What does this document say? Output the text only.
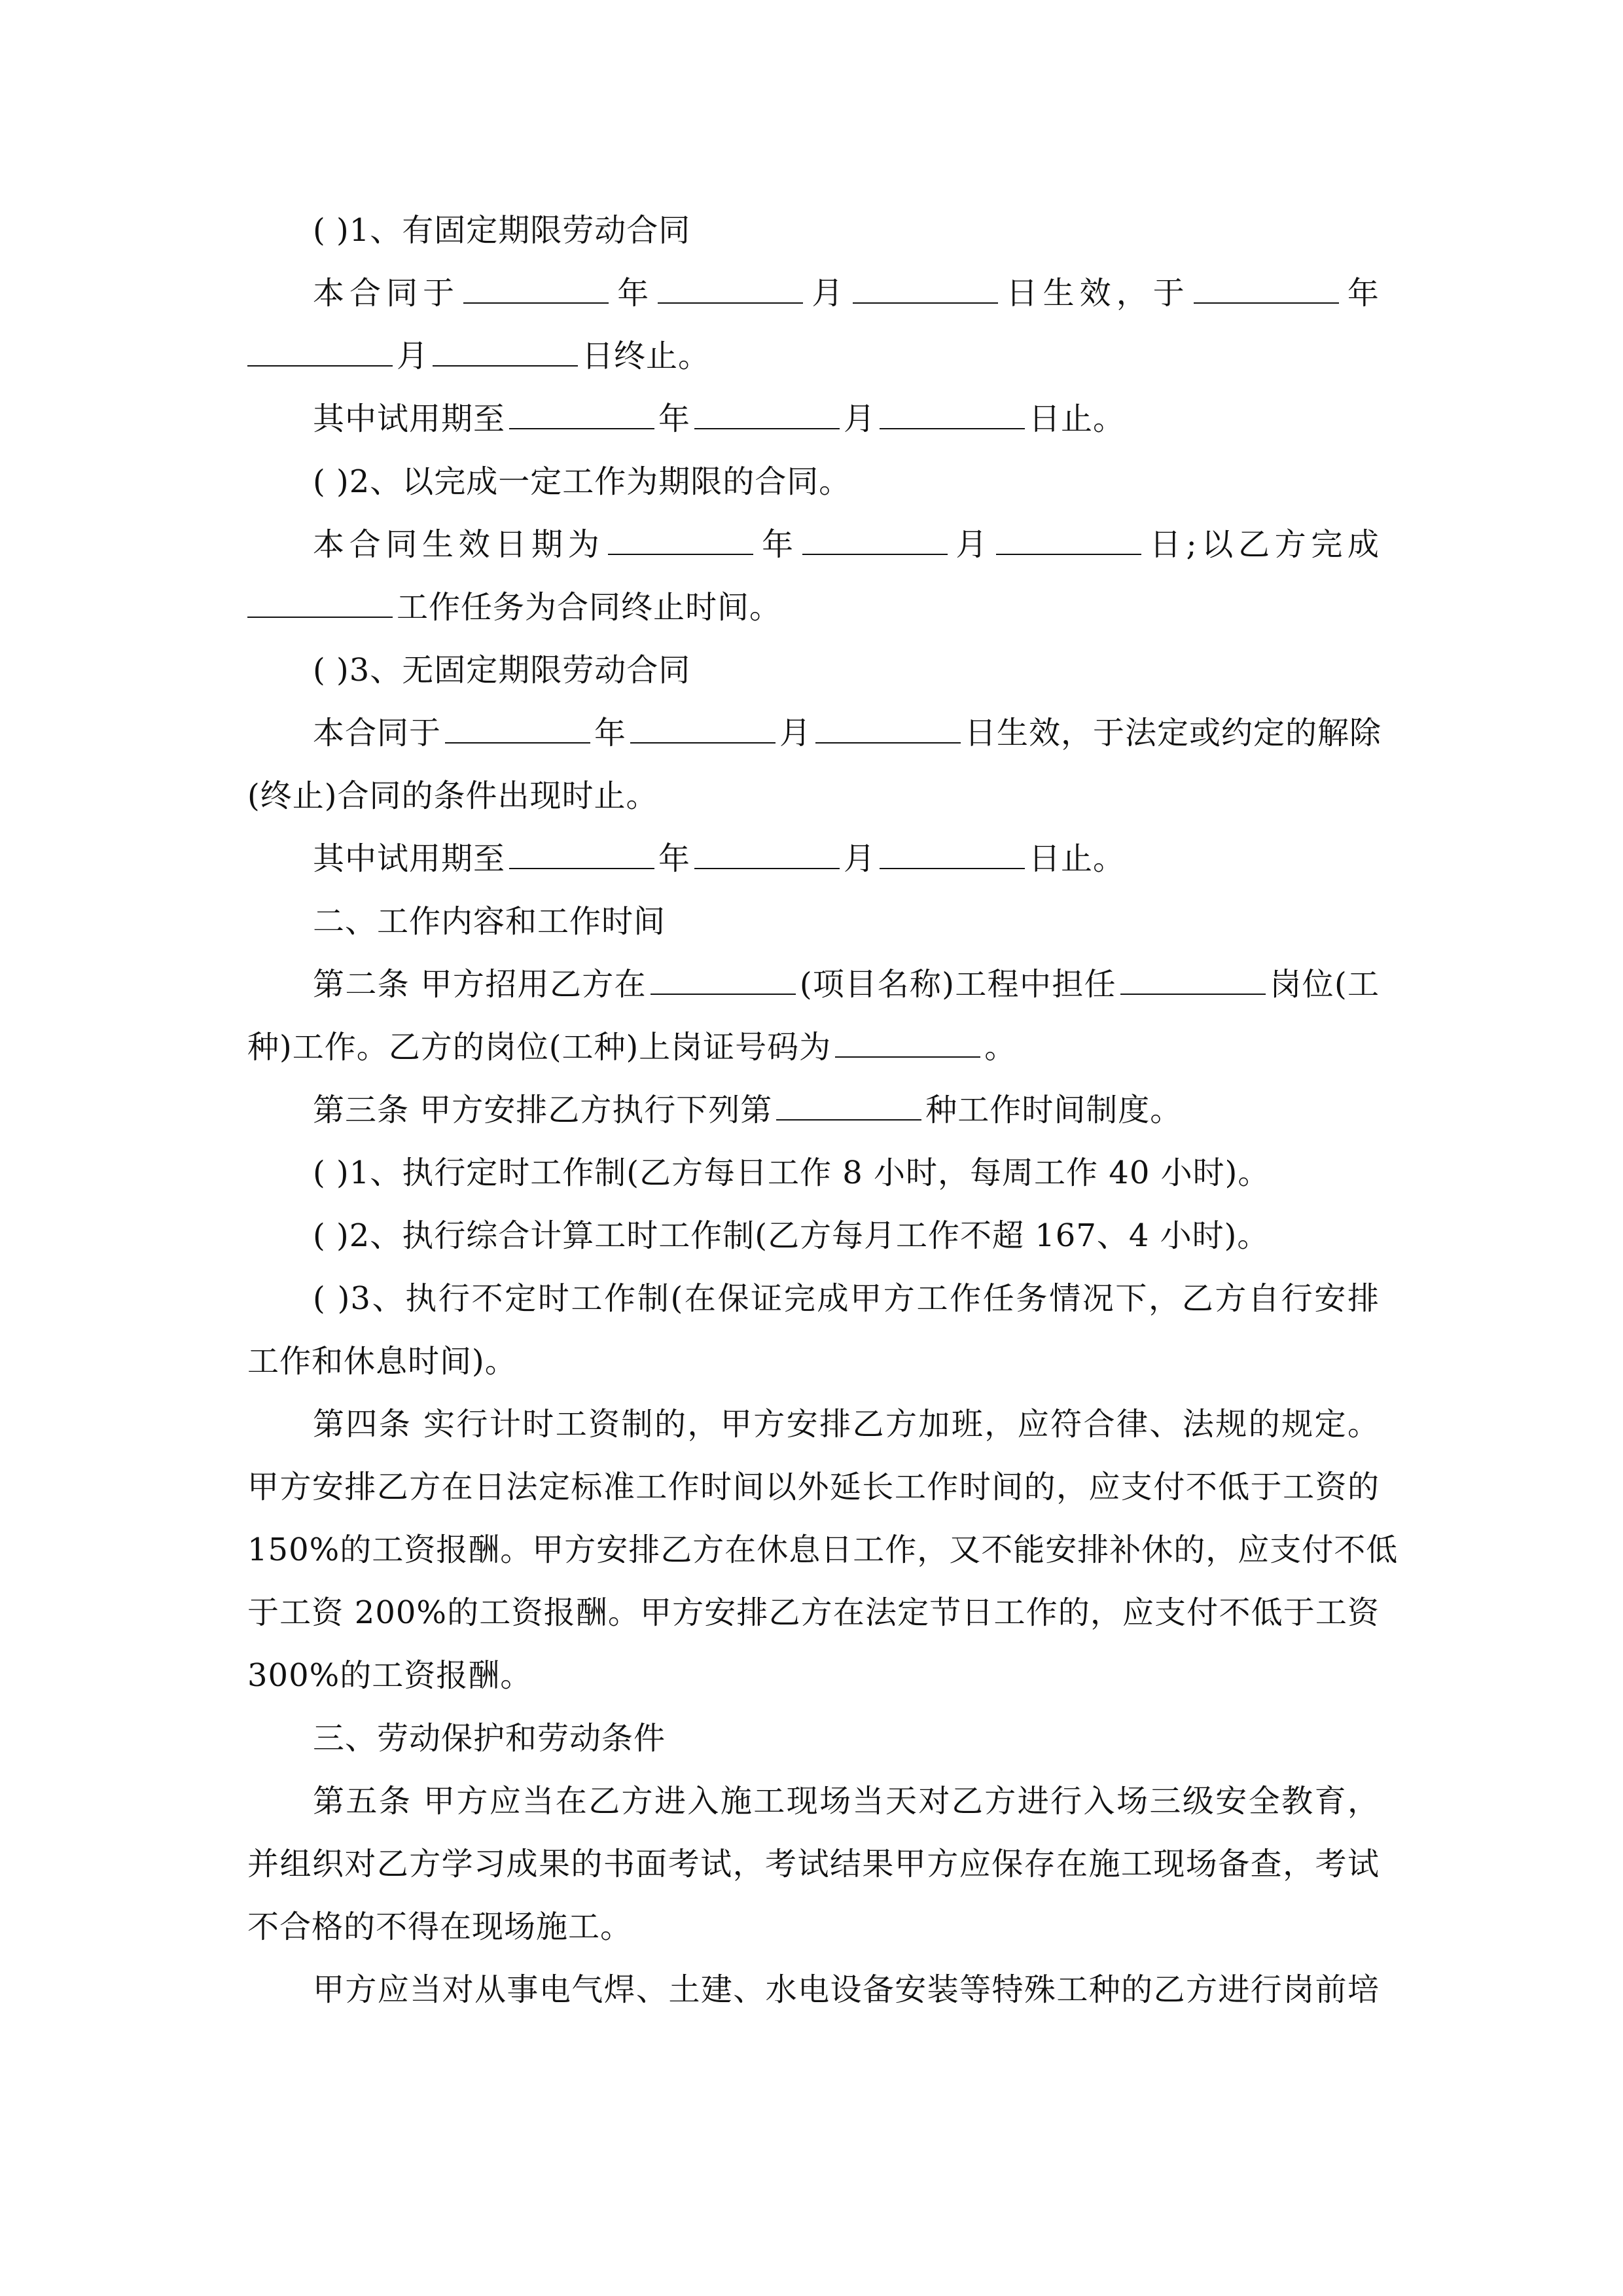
( )1、有固定期限劳动合同
本合同于	年	月	日生效，于	年
月	日终止。
其中试用期至	年	月	日止。
( )2、以完成一定工作为期限的合同。
本合同生效日期为	年	月	日;以乙方完成
工作任务为合同终止时间。
( )3、无固定期限劳动合同
本合同于	年	月	日生效，于法定或约定的解除
(终止)合同的条件出现时止。
其中试用期至	年	月	日止。
二、工作内容和工作时间
第二条 甲方招用乙方在	(项目名称)工程中担任	岗位(工
种)工作。乙方的岗位(工种)上岗证号码为	。
第三条 甲方安排乙方执行下列第	种工作时间制度。
( )1、执行定时工作制(乙方每日工作 8 小时，每周工作 40 小时)。
( )2、执行综合计算工时工作制(乙方每月工作不超 167、4 小时)。
( )3、执行不定时工作制(在保证完成甲方工作任务情况下，乙方自行安排
工作和休息时间)。
第四条 实行计时工资制的，甲方安排乙方加班，应符合律、法规的规定。
甲方安排乙方在日法定标准工作时间以外延长工作时间的，应支付不低于工资的
150%的工资报酬。甲方安排乙方在休息日工作，又不能安排补休的，应支付不低
于工资 200%的工资报酬。甲方安排乙方在法定节日工作的，应支付不低于工资
300%的工资报酬。
三、劳动保护和劳动条件
第五条 甲方应当在乙方进入施工现场当天对乙方进行入场三级安全教育，
并组织对乙方学习成果的书面考试，考试结果甲方应保存在施工现场备查，考试
不合格的不得在现场施工。
甲方应当对从事电气焊、土建、水电设备安装等特殊工种的乙方进行岗前培
